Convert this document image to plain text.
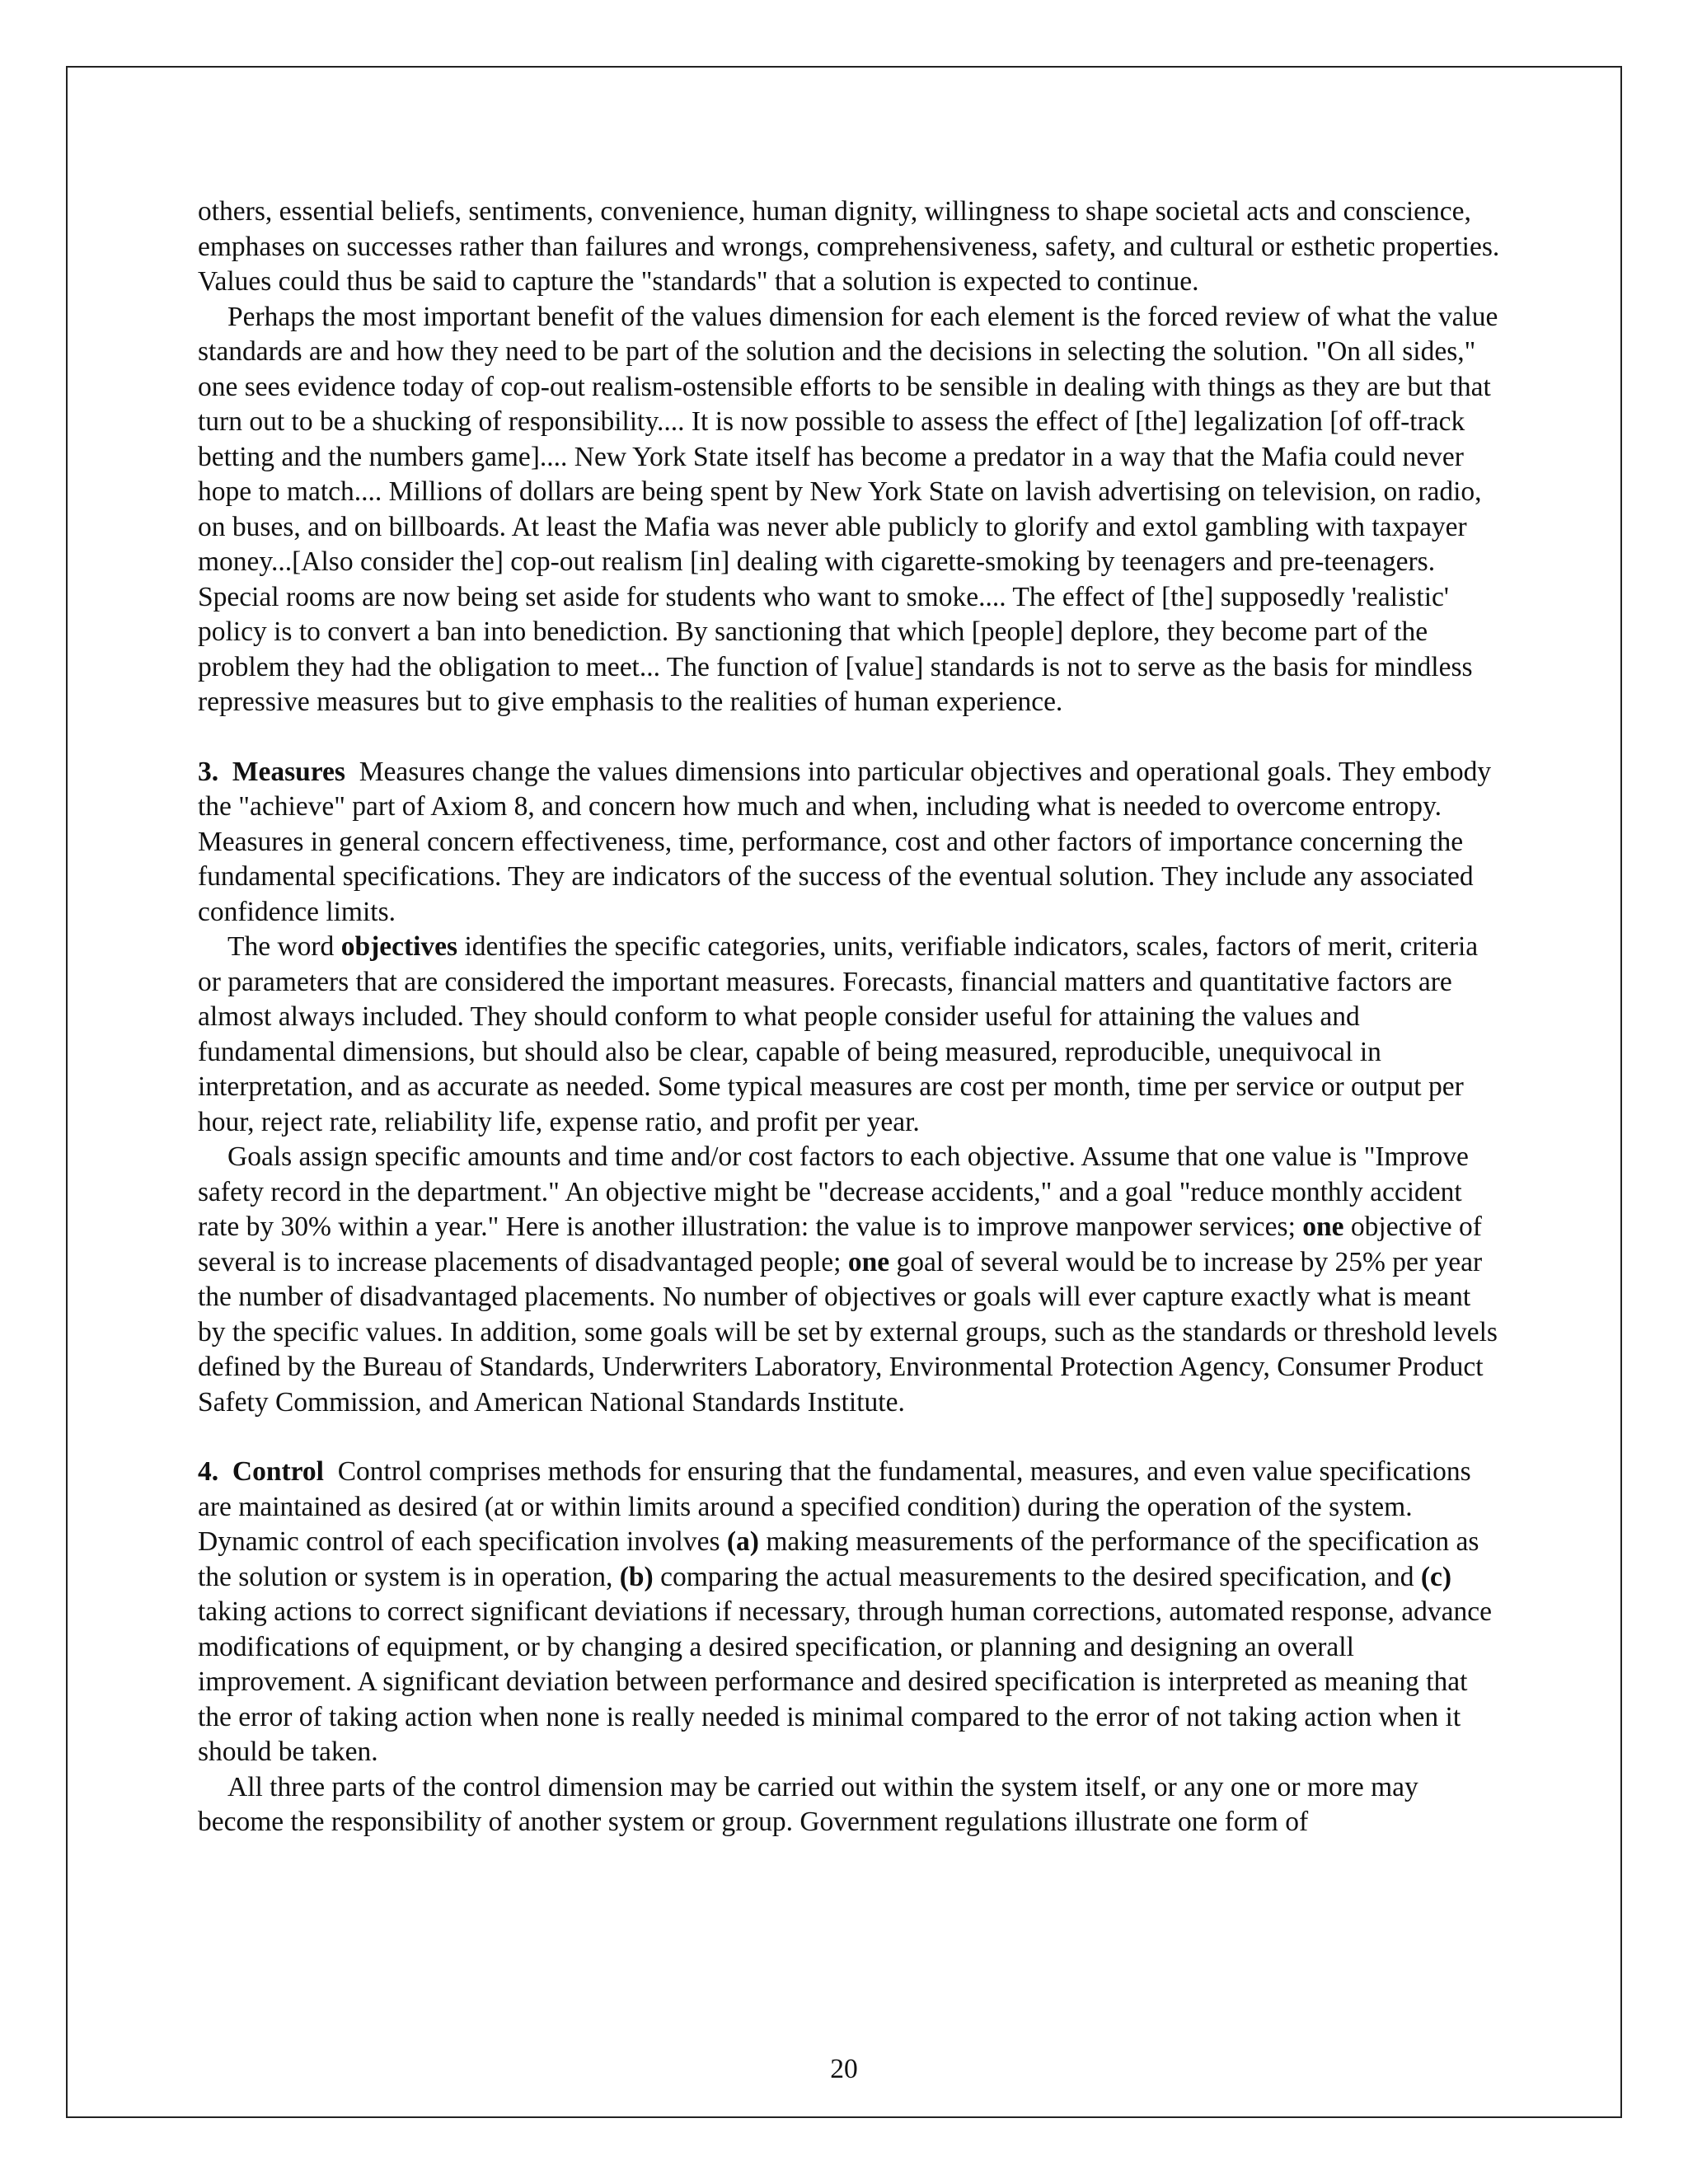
others, essential beliefs, sentiments, convenience, human dignity, willingness to shape societal acts and conscience, emphases on successes rather than failures and wrongs, comprehensiveness, safety, and cultural or esthetic properties. Values could thus be said to capture the "standards" that a solution is expected to continue.

Perhaps the most important benefit of the values dimension for each element is the forced review of what the value standards are and how they need to be part of the solution and the decisions in selecting the solution. "On all sides," one sees evidence today of cop-out realism-ostensible efforts to be sensible in dealing with things as they are but that turn out to be a shucking of responsibility.... It is now possible to assess the effect of [the] legalization [of off-track betting and the numbers game].... New York State itself has become a predator in a way that the Mafia could never hope to match.... Millions of dollars are being spent by New York State on lavish advertising on television, on radio, on buses, and on billboards. At least the Mafia was never able publicly to glorify and extol gambling with taxpayer money...[Also consider the] cop-out realism [in] dealing with cigarette-smoking by teenagers and pre-teenagers. Special rooms are now being set aside for students who want to smoke.... The effect of [the] supposedly 'realistic' policy is to convert a ban into benediction. By sanctioning that which [people] deplore, they become part of the problem they had the obligation to meet... The function of [value] standards is not to serve as the basis for mindless repressive measures but to give emphasis to the realities of human experience.

3. Measures Measures change the values dimensions into particular objectives and operational goals. They embody the "achieve" part of Axiom 8, and concern how much and when, including what is needed to overcome entropy. Measures in general concern effectiveness, time, performance, cost and other factors of importance concerning the fundamental specifications. They are indicators of the success of the eventual solution. They include any associated confidence limits.

The word objectives identifies the specific categories, units, verifiable indicators, scales, factors of merit, criteria or parameters that are considered the important measures. Forecasts, financial matters and quantitative factors are almost always included. They should conform to what people consider useful for attaining the values and fundamental dimensions, but should also be clear, capable of being measured, reproducible, unequivocal in interpretation, and as accurate as needed. Some typical measures are cost per month, time per service or output per hour, reject rate, reliability life, expense ratio, and profit per year.

Goals assign specific amounts and time and/or cost factors to each objective. Assume that one value is "Improve safety record in the department." An objective might be "decrease accidents," and a goal "reduce monthly accident rate by 30% within a year." Here is another illustration: the value is to improve manpower services; one objective of several is to increase placements of disadvantaged people; one goal of several would be to increase by 25% per year the number of disadvantaged placements. No number of objectives or goals will ever capture exactly what is meant by the specific values. In addition, some goals will be set by external groups, such as the standards or threshold levels defined by the Bureau of Standards, Underwriters Laboratory, Environmental Protection Agency, Consumer Product Safety Commission, and American National Standards Institute.

4. Control Control comprises methods for ensuring that the fundamental, measures, and even value specifications are maintained as desired (at or within limits around a specified condition) during the operation of the system. Dynamic control of each specification involves (a) making measurements of the performance of the specification as the solution or system is in operation, (b) comparing the actual measurements to the desired specification, and (c) taking actions to correct significant deviations if necessary, through human corrections, automated response, advance modifications of equipment, or by changing a desired specification, or planning and designing an overall improvement. A significant deviation between performance and desired specification is interpreted as meaning that the error of taking action when none is really needed is minimal compared to the error of not taking action when it should be taken.

All three parts of the control dimension may be carried out within the system itself, or any one or more may become the responsibility of another system or group. Government regulations illustrate one form of

20
